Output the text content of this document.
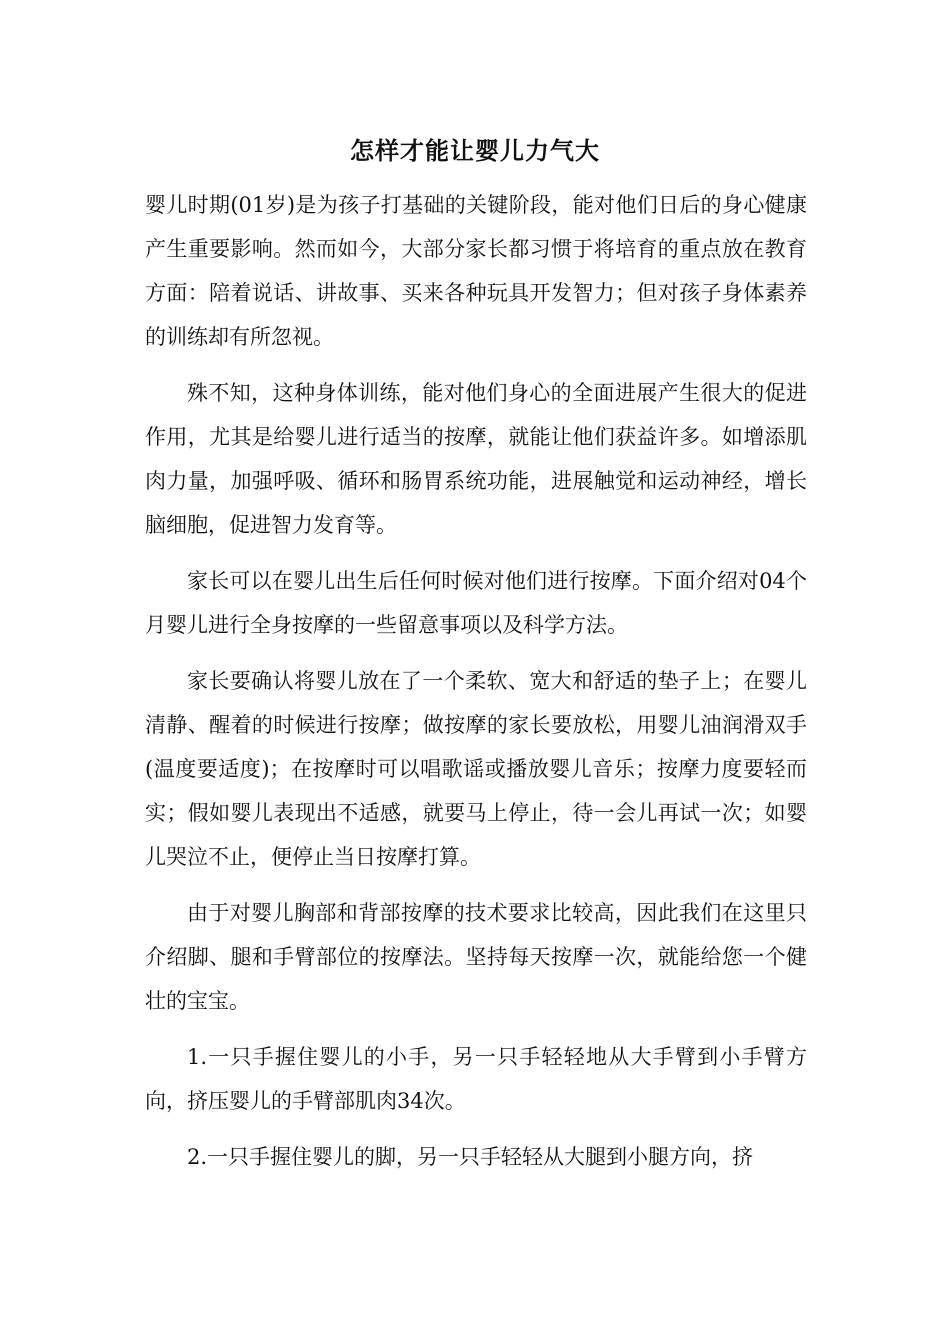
怎样才能让婴儿力气大

婴儿时期(01岁)是为孩子打基础的关键阶段，能对他们日后的身心健康产生重要影响。然而如今，大部分家长都习惯于将培育的重点放在教育方面：陪着说话、讲故事、买来各种玩具开发智力；但对孩子身体素养的训练却有所忽视。

殊不知，这种身体训练，能对他们身心的全面进展产生很大的促进作用，尤其是给婴儿进行适当的按摩，就能让他们获益许多。如增添肌肉力量，加强呼吸、循环和肠胃系统功能，进展触觉和运动神经，增长脑细胞，促进智力发育等。

家长可以在婴儿出生后任何时候对他们进行按摩。下面介绍对04个月婴儿进行全身按摩的一些留意事项以及科学方法。

家长要确认将婴儿放在了一个柔软、宽大和舒适的垫子上；在婴儿清静、醒着的时候进行按摩；做按摩的家长要放松，用婴儿油润滑双手(温度要适度)；在按摩时可以唱歌谣或播放婴儿音乐；按摩力度要轻而实；假如婴儿表现出不适感，就要马上停止，待一会儿再试一次；如婴儿哭泣不止，便停止当日按摩打算。

由于对婴儿胸部和背部按摩的技术要求比较高，因此我们在这里只介绍脚、腿和手臂部位的按摩法。坚持每天按摩一次，就能给您一个健壮的宝宝。

1.一只手握住婴儿的小手，另一只手轻轻地从大手臂到小手臂方向，挤压婴儿的手臂部肌肉34次。

2.一只手握住婴儿的脚，另一只手轻轻从大腿到小腿方向，挤
